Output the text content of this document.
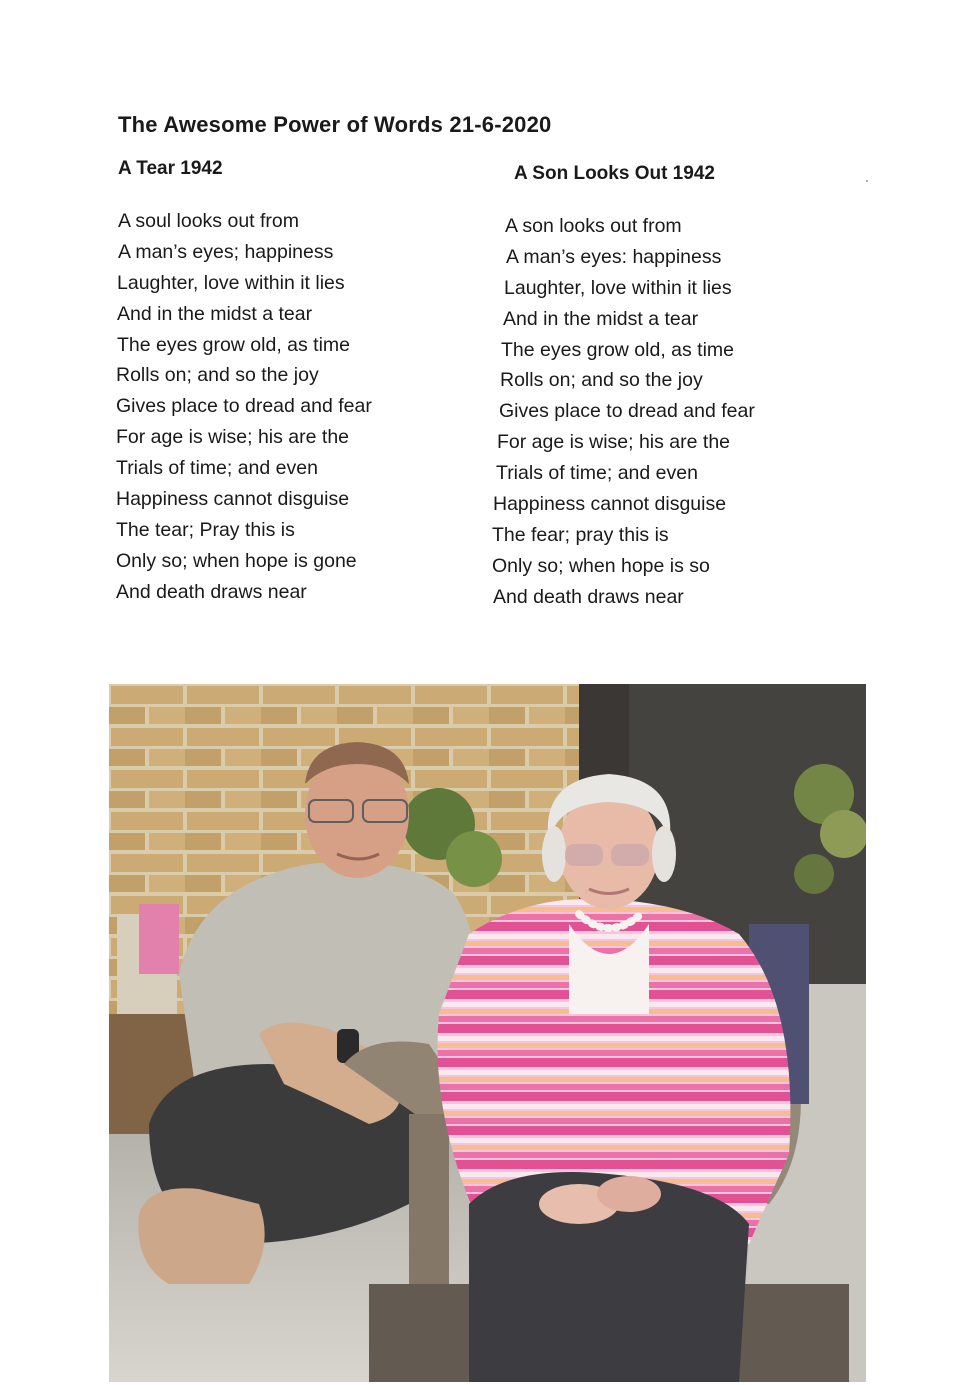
The Awesome Power of Words 21-6-2020
A Tear 1942
A soul looks out from
A man’s eyes; happiness
Laughter, love within it lies
And in the midst a tear
The eyes grow old, as time
Rolls on; and so the joy
Gives place to dread and fear
For age is wise; his are the
Trials of time; and even
Happiness cannot disguise
The tear; Pray this is
Only so; when hope is gone
And death draws near
A Son Looks Out 1942
A son looks out from
A man’s eyes: happiness
Laughter, love within it lies
And in the midst a tear
The eyes grow old, as time
Rolls on; and so the joy
Gives place to dread and fear
For age is wise; his are the
Trials of time; and even
Happiness cannot disguise
The fear; pray this is
Only so; when hope is so
And death draws near
